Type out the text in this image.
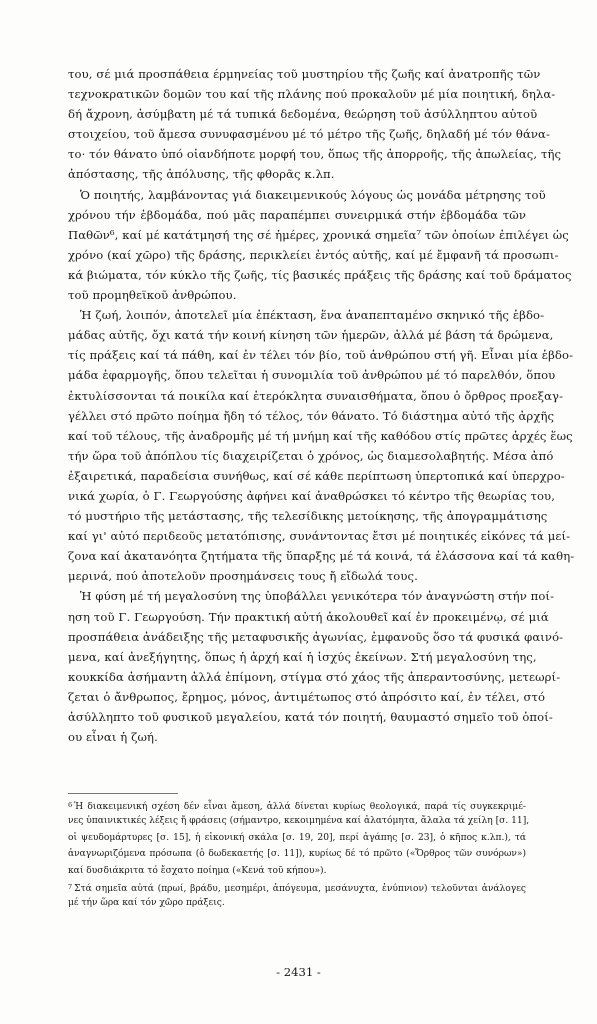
του, σέ μιά προσπάθεια έρμηνείας τοῦ μυστηρίου τῆς ζωῆς καί ἀνατροπῆς τῶν
τεχνοκρατικῶν δομῶν του καί τῆς πλάνης πού προκαλοῦν μέ μία ποιητική, δηλα-
δή ἄχρονη, ἀσύμβατη μέ τά τυπικά δεδομένα, θεώρηση τοῦ ἀσύλληπτου αὐτοῦ
στοιχείου, τοῦ ἄμεσα συνυφασμένου μέ τό μέτρο τῆς ζωῆς, δηλαδή μέ τόν θάνα-
το· τόν θάνατο ὑπό οἱανδήποτε μορφή του, ὅπως τῆς ἀπορροῆς, τῆς ἀπωλείας, τῆς
ἀπόστασης, τῆς ἀπόλυσης, τῆς φθορᾶς κ.λπ.
Ὁ ποιητής, λαμβάνοντας γιά διακειμενικούς λόγους ὡς μονάδα μέτρησης τοῦ
χρόνου τήν ἑβδομάδα, πού μᾶς παραπέμπει συνειρμικά στήν ἑβδομάδα τῶν
Παθῶν⁶, καί μέ κατάτμησή της σέ ἡμέρες, χρονικά σημεῖα⁷ τῶν ὁποίων ἐπιλέγει ὡς
χρόνο (καί χῶρο) τῆς δράσης, περικλείει ἐντός αὐτῆς, καί μέ ἔμφανῆ τά προσωπι-
κά βιώματα, τόν κύκλο τῆς ζωῆς, τίς βασικές πράξεις τῆς δράσης καί τοῦ δράματος
τοῦ προμηθεϊκοῦ ἀνθρώπου.
Ἡ ζωή, λοιπόν, ἀποτελεῖ μία ἐπέκταση, ἕνα ἀναπεπταμένο σκηνικό τῆς ἑβδο-
μάδας αὐτῆς, ὄχι κατά τήν κοινή κίνηση τῶν ἡμερῶν, ἀλλά μέ βάση τά δρώμενα,
τίς πράξεις καί τά πάθη, καί ἐν τέλει τόν βίο, τοῦ ἀνθρώπου στή γῆ. Εἶναι μία ἑβδο-
μάδα ἐφαρμογῆς, ὅπου τελεῖται ἡ συνομιλία τοῦ ἀνθρώπου μέ τό παρελθόν, ὅπου
ἐκτυλίσσονται τά ποικίλα καί ἑτερόκλητα συναισθήματα, ὅπου ὁ ὄρθρος προεξαγ-
γέλλει στό πρῶτο ποίημα ἤδη τό τέλος, τόν θάνατο. Τό διάστημα αὐτό τῆς ἀρχῆς
καί τοῦ τέλους, τῆς ἀναδρομῆς μέ τή μνήμη καί τῆς καθόδου στίς πρῶτες ἀρχές ἕως
τήν ὥρα τοῦ ἀπόπλου τίς διαχειρίζεται ὁ χρόνος, ὡς διαμεσολαβητής. Μέσα ἀπό
ἐξαιρετικά, παραδείσια συνήθως, καί σέ κάθε περίπτωση ὑπερτοπικά καί ὑπερχρο-
νικά χωρία, ὁ Γ. Γεωργούσης ἀφήνει καί ἀναθρώσκει τό κέντρο τῆς θεωρίας του,
τό μυστήριο τῆς μετάστασης, τῆς τελεσίδικης μετοίκησης, τῆς ἀπογραμμάτισης
καί γι' αὐτό περιδεοῦς μετατόπισης, συνάντοντας ἔτσι μέ ποιητικές εἰκόνες τά μεί-
ζονα καί ἀκατανόητα ζητήματα τῆς ὕπαρξης μέ τά κοινά, τά ἐλάσσονα καί τά καθη-
μερινά, πού ἀποτελοῦν προσημάνσεις τους ἤ εἴδωλά τους.
Ἡ φύση μέ τή μεγαλοσύνη της ὑποβάλλει γενικότερα τόν ἀναγνώστη στήν ποί-
ηση τοῦ Γ. Γεωργούση. Τήν πρακτική αὐτή ἀκολουθεῖ καί ἐν προκειμένῳ, σέ μιά
προσπάθεια ἀνάδειξης τῆς μεταφυσικῆς ἀγωνίας, ἐμφανοῦς ὅσο τά φυσικά φαινό-
μενα, καί ἀνεξήγητης, ὅπως ἡ ἀρχή καί ἡ ἰσχύς ἐκείνων. Στή μεγαλοσύνη της,
κουκκίδα ἀσήμαντη ἀλλά ἐπίμονη, στίγμα στό χάος τῆς ἀπεραντοσύνης, μετεωρί-
ζεται ὁ ἄνθρωπος, ἔρημος, μόνος, ἀντιμέτωπος στό ἀπρόσιτο καί, ἐν τέλει, στό
ἀσύλληπτο τοῦ φυσικοῦ μεγαλείου, κατά τόν ποιητή, θαυμαστό σημεῖο τοῦ ὁποί-
ου εἶναι ἡ ζωή.
$^6$ Ἡ διακειμενική σχέση δέν εἶναι ἄμεση, ἀλλά δίνεται κυρίως θεολογικά, παρά τίς συγκεκριμέ-
νες ὑπαινικτικές λέξεις ἤ φράσεις (σήμαντρο, κεκοιμημένα καί ἀλατόμητα, ἄλαλα τά χείλη [σ. 11],
οἱ ψευδομάρτυρες [σ. 15], ἡ εἰκονική σκάλα [σ. 19, 20], περί ἀγάπης [σ. 23], ὁ κῆπος κ.λπ.), τά
ἀναγνωριζόμενα πρόσωπα (ὁ δωδεκαετής [σ. 11]), κυρίως δέ τό πρῶτο («Ὄρθρος τῶν συνόρων»)
καί δυσδιάκριτα τό ἔσχατο ποίημα («Κενά τοῦ κήπου»).
$^7$ Στά σημεῖα αὐτά (πρωί, βράδυ, μεσημέρι, ἀπόγευμα, μεσάνυχτα, ἐνύπνιον) τελοῦνται ἀνάλογες
μέ τήν ὥρα καί τόν χῶρο πράξεις.
- 2431 -
